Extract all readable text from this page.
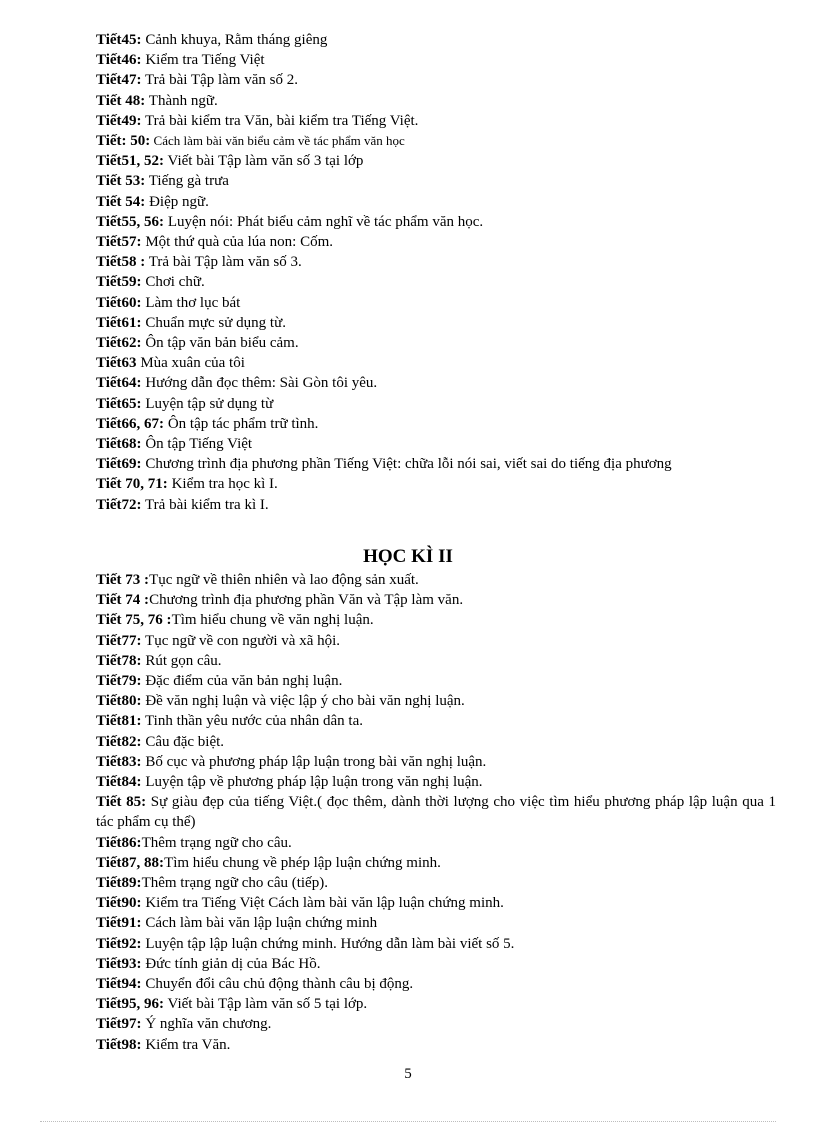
Tiết45: Cảnh khuya, Rằm tháng giêng
Tiết46: Kiểm tra Tiếng Việt
Tiết47: Trả bài Tập làm văn số 2.
Tiết 48: Thành ngữ.
Tiết49: Trả bài kiểm tra Văn, bài kiểm tra Tiếng Việt.
Tiết: 50: Cách làm bài văn biểu cảm về tác phẩm văn học
Tiết51, 52: Viết bài Tập làm văn số 3 tại lớp
Tiết 53: Tiếng gà trưa
Tiết 54: Điệp ngữ.
Tiết55, 56: Luyện nói: Phát biểu cảm nghĩ về tác phẩm văn học.
Tiết57: Một thứ quà của lúa non: Cốm.
Tiết58 : Trả bài Tập làm văn số 3.
Tiết59: Chơi chữ.
Tiết60: Làm thơ lục bát
Tiết61: Chuẩn mực sử dụng từ.
Tiết62: Ôn tập văn bản biểu cảm.
Tiết63 Mùa xuân của tôi
Tiết64: Hướng dẫn đọc thêm: Sài Gòn tôi yêu.
Tiết65: Luyện tập sử dụng từ
Tiết66, 67: Ôn tập tác phẩm trữ tình.
Tiết68: Ôn tập Tiếng Việt
Tiết69: Chương trình địa phương phần Tiếng Việt: chữa lỗi nói sai, viết sai do tiếng địa phương
Tiết 70, 71: Kiểm tra học kì I.
Tiết72: Trả bài kiểm tra kì I.
HỌC KÌ II
Tiết 73 :Tục ngữ về thiên nhiên và lao động sản xuất.
Tiết 74 :Chương trình địa phương phần Văn và Tập làm văn.
Tiết 75, 76 :Tìm hiểu chung về văn nghị luận.
Tiết77: Tục ngữ về con người và xã hội.
Tiết78: Rút gọn câu.
Tiết79: Đặc điểm của văn bản nghị luận.
Tiết80: Đề văn nghị luận và việc lập ý cho bài văn nghị luận.
Tiết81: Tinh thần yêu nước của nhân dân ta.
Tiết82: Câu đặc biệt.
Tiết83: Bố cục và phương pháp lập luận trong bài văn nghị luận.
Tiết84: Luyện tập về phương pháp lập luận trong văn nghị luận.
Tiết 85: Sự giàu đẹp của tiếng Việt.( đọc thêm, dành thời lượng cho việc tìm hiểu phương pháp lập luận qua 1 tác phẩm cụ thể)
Tiết86:Thêm trạng ngữ cho câu.
Tiết87, 88:Tìm hiểu chung về phép lập luận chứng minh.
Tiết89:Thêm trạng ngữ cho câu (tiếp).
Tiết90: Kiểm tra Tiếng Việt Cách làm bài văn lập luận chứng minh.
Tiết91: Cách làm bài văn lập luận chứng minh
Tiết92: Luyện tập lập luận chứng minh. Hướng dẫn làm bài viết số 5.
Tiết93: Đức tính giản dị của Bác Hồ.
Tiết94: Chuyển đổi câu chủ động thành câu bị động.
Tiết95, 96: Viết bài Tập làm văn số 5 tại lớp.
Tiết97: Ý nghĩa văn chương.
Tiết98: Kiểm tra Văn.
5
